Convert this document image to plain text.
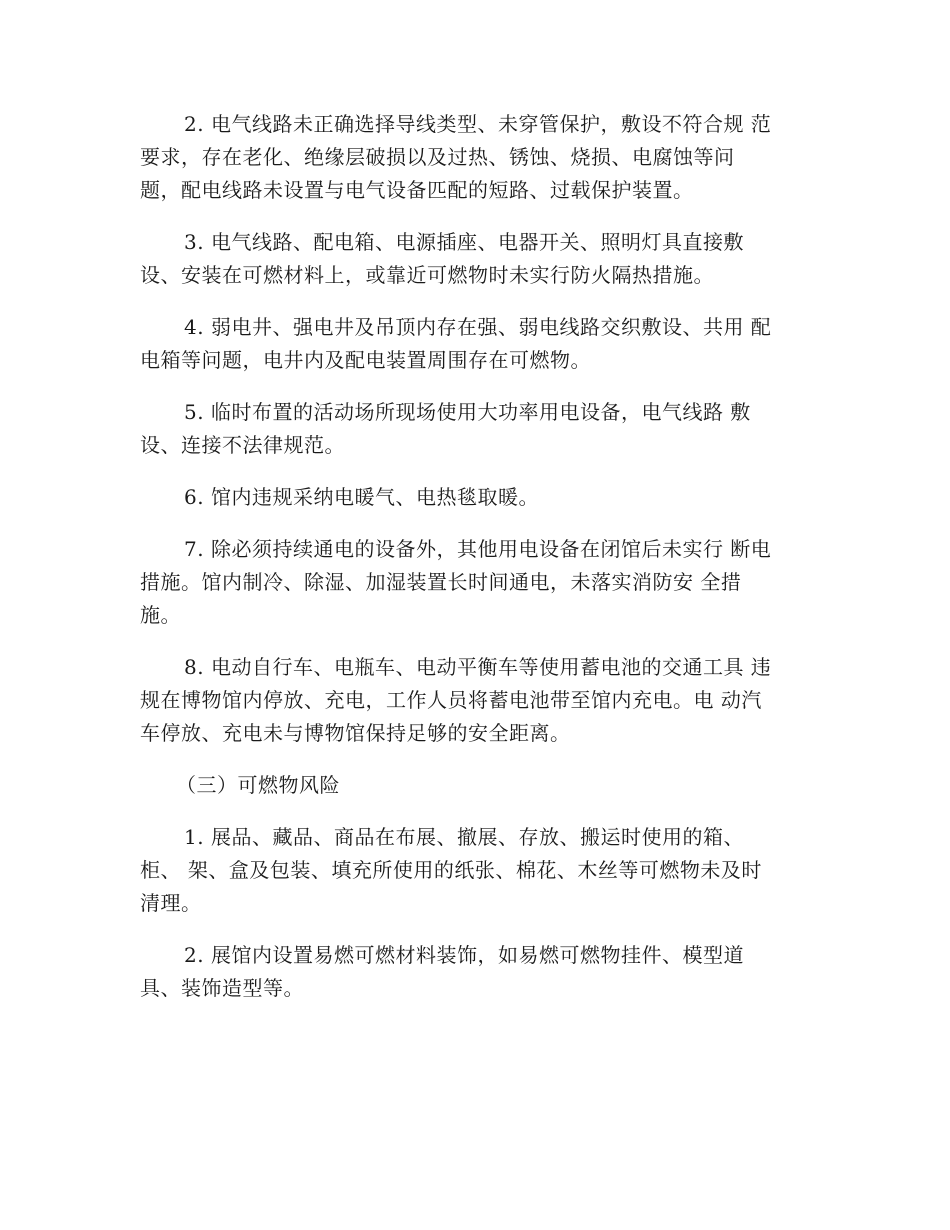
2. 电气线路未正确选择导线类型、未穿管保护，敷设不符合规 范
要求，存在老化、绝缘层破损以及过热、锈蚀、烧损、电腐蚀等问
题，配电线路未设置与电气设备匹配的短路、过载保护装置。

3. 电气线路、配电箱、电源插座、电器开关、照明灯具直接敷
设、安装在可燃材料上，或靠近可燃物时未实行防火隔热措施。

4. 弱电井、强电井及吊顶内存在强、弱电线路交织敷设、共用 配
电箱等问题，电井内及配电装置周围存在可燃物。

5. 临时布置的活动场所现场使用大功率用电设备，电气线路 敷
设、连接不法律规范。

6. 馆内违规采纳电暖气、电热毯取暖。

7. 除必须持续通电的设备外，其他用电设备在闭馆后未实行 断电
措施。馆内制冷、除湿、加湿装置长时间通电，未落实消防安 全措
施。

8. 电动自行车、电瓶车、电动平衡车等使用蓄电池的交通工具 违
规在博物馆内停放、充电，工作人员将蓄电池带至馆内充电。电 动汽
车停放、充电未与博物馆保持足够的安全距离。

（三）可燃物风险

1. 展品、藏品、商品在布展、撤展、存放、搬运时使用的箱、
柜、 架、盒及包装、填充所使用的纸张、棉花、木丝等可燃物未及时
清理。

2. 展馆内设置易燃可燃材料装饰，如易燃可燃物挂件、模型道
具、装饰造型等。
